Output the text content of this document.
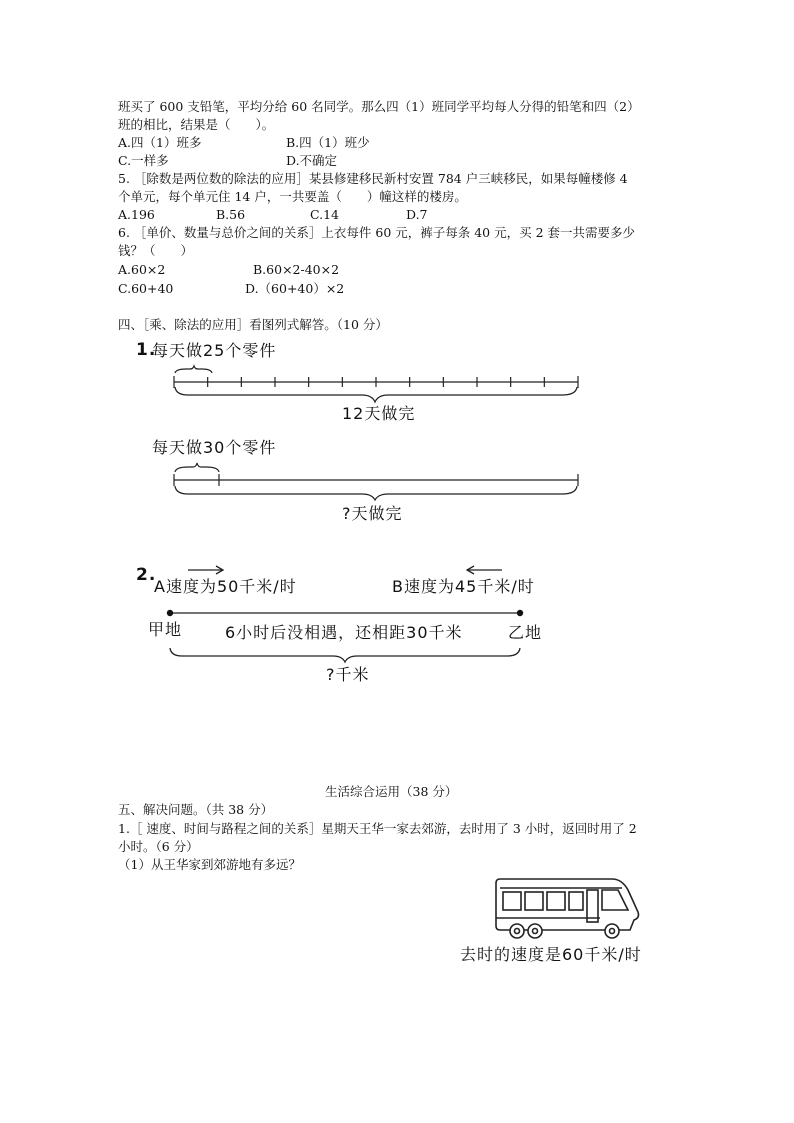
班买了 600 支铅笔，平均分给 60 名同学。那么四（1）班同学平均每人分得的铅笔和四（2）
班的相比，结果是（　　）。
A.四（1）班多	B.四（1）班少
C.一样多	D.不确定
5. ［除数是两位数的除法的应用］某县修建移民新村安置 784 户三峡移民，如果每幢楼修 4
个单元，每个单元住 14 户，一共要盖（　　）幢这样的楼房。
A.196	B.56	C.14	D.7
6. ［单价、数量与总价之间的关系］上衣每件 60 元，裤子每条 40 元，买 2 套一共需要多少
钱？（　　）
A.60×2	B.60×2-40×2
C.60+40	D.（60+40）×2
四、［乘、除法的应用］看图列式解答。（10 分）
1.
每天做25个零件
12天做完
每天做30个零件
?天做完
2.
A速度为50千米/时	B速度为45千米/时
甲地	6小时后没相遇，还相距30千米	乙地
?千米
生活综合运用（38 分）
五、解决问题。（共 38 分）
1.［ 速度、时间与路程之间的关系］星期天王华一家去郊游，去时用了 3 小时，返回时用了 2
小时。（6 分）
（1）从王华家到郊游地有多远？
去时的速度是60千米/时
